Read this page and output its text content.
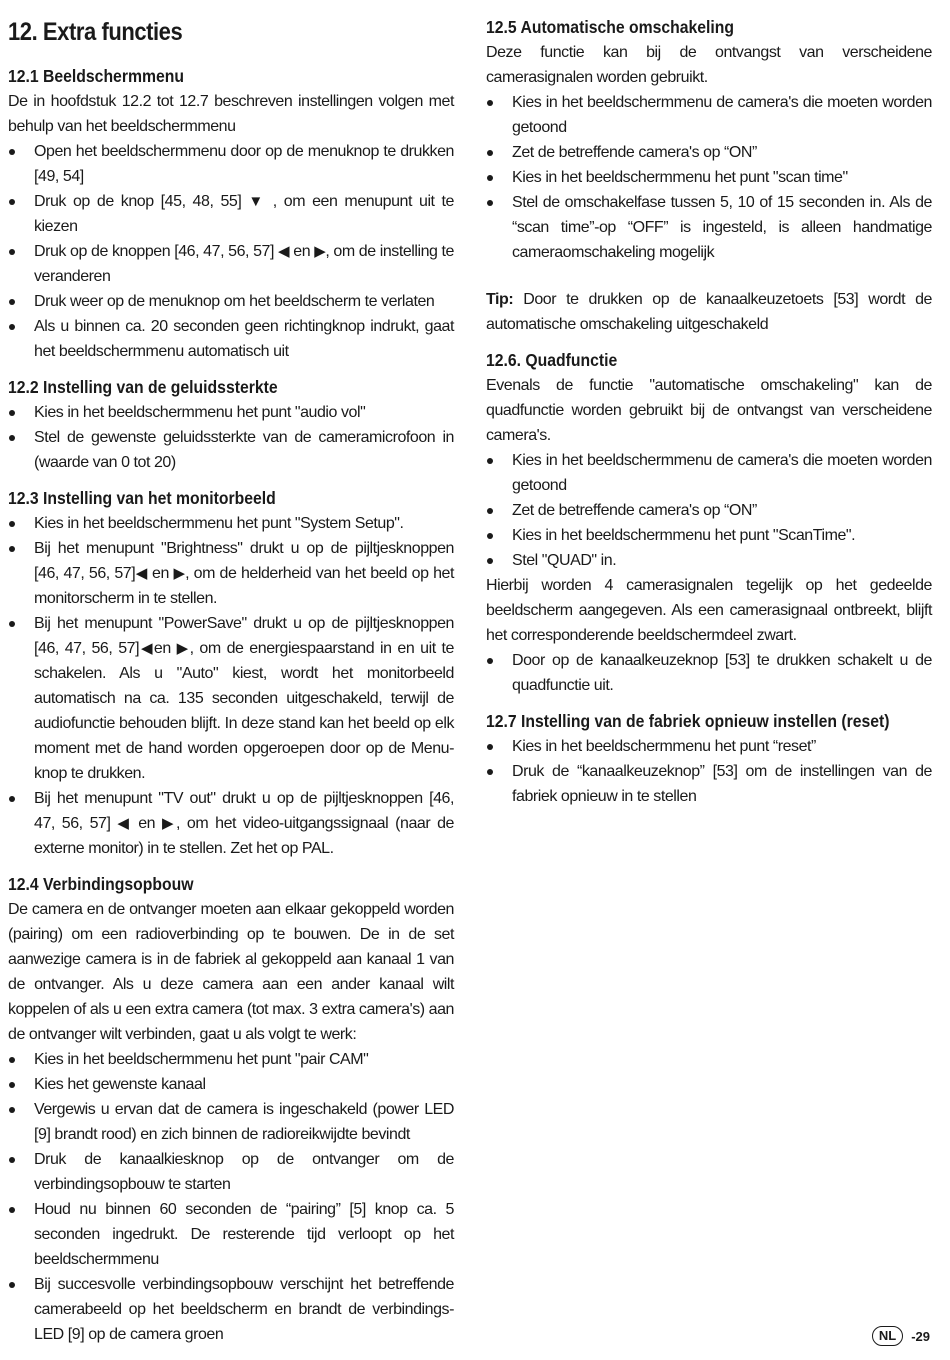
12. Extra functies
12.1 Beeldschermmenu

De in hoofdstuk 12.2 tot 12.7 beschreven instellingen volgen met behulp van het beeldschermmenu

Open het beeldschermmenu door op de menuknop te drukken [49, 54]
Druk op de knop [45, 48, 55] ▼ , om een menupunt uit te kiezen
Druk op de knoppen [46, 47, 56, 57] ◀ en ▶, om de instelling te veranderen
Druk weer op de menuknop om het beeldscherm te verlaten
Als u binnen ca. 20 seconden geen richtingknop indrukt, gaat het beeldschermmenu automatisch uit
12.2 Instelling van de geluidssterkte
Kies in het beeldschermmenu het punt "audio vol"
Stel de gewenste geluidssterkte van de cameramicrofoon in (waarde van 0 tot 20)
12.3 Instelling van het monitorbeeld
Kies in het beeldschermmenu het punt "System Setup".
Bij het menupunt "Brightness" drukt u op de pijltjesknoppen [46, 47, 56, 57]◀ en ▶, om de helderheid van het beeld op het monitorscherm in te stellen.
Bij het menupunt "PowerSave" drukt u op de pijltjesknoppen [46, 47, 56, 57]◀en ▶, om de energiespaarstand in en uit te schakelen. Als u "Auto" kiest, wordt het monitorbeeld automatisch na ca. 135 seconden uitgeschakeld, terwijl de audiofunctie behouden blijft. In deze stand kan het beeld op elk moment met de hand worden opgeroepen door op de Menu-knop te drukken.
Bij het menupunt "TV out" drukt u op de pijltjesknoppen [46, 47, 56, 57] ◀ en ▶, om het video-uitgangssignaal (naar de externe monitor) in te stellen. Zet het op PAL.
12.4 Verbindingsopbouw

De camera en de ontvanger moeten aan elkaar gekoppeld worden (pairing) om een radioverbinding op te bouwen. De in de set aanwezige camera is in de fabriek al gekoppeld aan kanaal 1 van de ontvanger. Als u deze camera aan een ander kanaal wilt koppelen of als u een extra camera (tot max. 3 extra camera's) aan de ontvanger wilt verbinden, gaat u als volgt te werk:

Kies in het beeldschermmenu het punt "pair CAM"
Kies het gewenste kanaal
Vergewis u ervan dat de camera is ingeschakeld (power LED [9] brandt rood) en zich binnen de radioreikwijdte bevindt
Druk de kanaalkiesknop op de ontvanger om de verbindingsopbouw te starten
Houd nu binnen 60 seconden de “pairing” [5] knop ca. 5 seconden ingedrukt. De resterende tijd verloopt op het beeldschermmenu
Bij succesvolle verbindingsopbouw verschijnt het betreffende camerabeeld op het beeldscherm en brandt de verbindings-LED [9] op de camera groen
12.5 Automatische omschakeling

Deze functie kan bij de ontvangst van verscheidene camerasignalen worden gebruikt.

Kies in het beeldschermmenu de camera's die moeten worden getoond
Zet de betreffende camera's op “ON”
Kies in het beeldschermmenu het punt "scan time"
Stel de omschakelfase tussen 5, 10 of 15 seconden in. Als de “scan time”-op “OFF” is ingesteld, is alleen handmatige cameraomschakeling mogelijk

Tip: Door te drukken op de kanaalkeuzetoets [53] wordt de automatische omschakeling uitgeschakeld

12.6. Quadfunctie

Evenals de functie "automatische omschakeling" kan de quadfunctie worden gebruikt bij de ontvangst van verscheidene camera's.

Kies in het beeldschermmenu de camera's die moeten worden getoond
Zet de betreffende camera's op “ON”
Kies in het beeldschermmenu het punt "ScanTime".
Stel "QUAD" in.

Hierbij worden 4 camerasignalen tegelijk op het gedeelde beeldscherm aangegeven. Als een camerasignaal ontbreekt, blijft het corresponderende beeldschermdeel zwart.

Door op de kanaalkeuzeknop [53] te drukken schakelt u de quadfunctie uit.
12.7 Instelling van de fabriek opnieuw instellen (reset)
Kies in het beeldschermmenu het punt “reset”
Druk de “kanaalkeuzeknop” [53] om de instellingen van de fabriek opnieuw in te stellen
NL	-29
